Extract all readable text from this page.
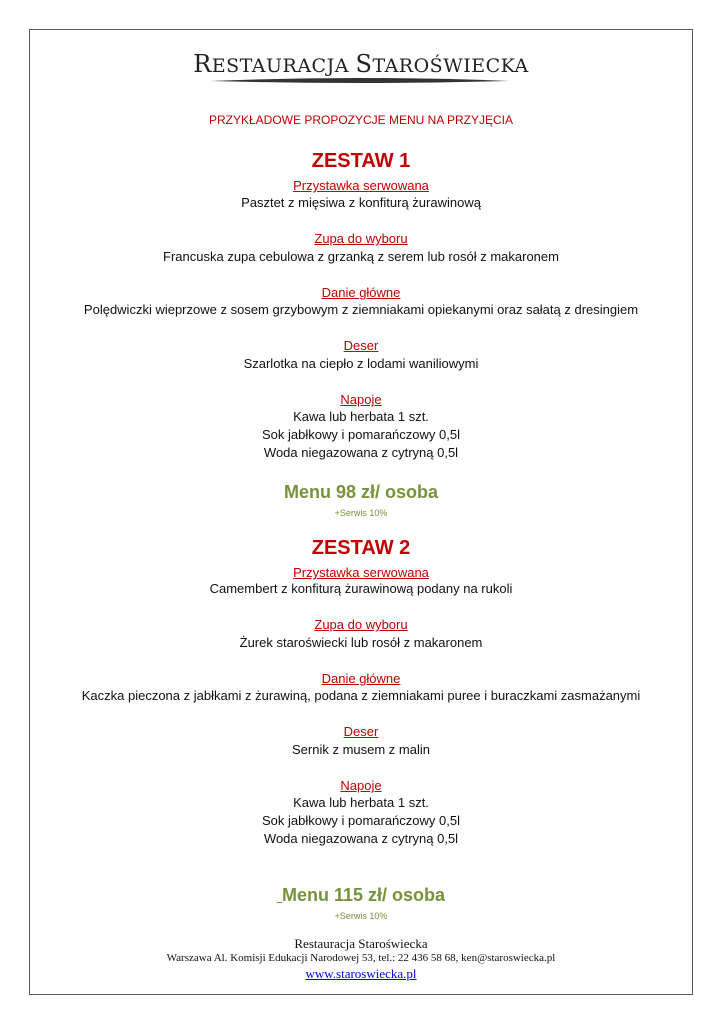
RESTAURACJA STAROŚWIECKA
PRZYKŁADOWE PROPOZYCJE MENU NA PRZYJĘCIA
ZESTAW 1
Przystawka serwowana
Pasztet z mięsiwa z konfiturą żurawinową
Zupa do wyboru
Francuska zupa cebulowa z grzanką z serem lub rosół z makaronem
Danie główne
Polędwiczki wieprzowe z sosem grzybowym z ziemniakami opiekanymi oraz sałatą z dresingiem
Deser
Szarlotka na ciepło z lodami waniliowymi
Napoje
Kawa lub herbata 1 szt.
Sok jabłkowy i pomarańczowy 0,5l
Woda niegazowana z cytryną 0,5l
Menu 98 zł/ osoba
+Serwis 10%
ZESTAW 2
Przystawka serwowana
Camembert z konfiturą żurawinową podany na rukoli
Zupa do wyboru
Żurek staroświecki lub rosół z makaronem
Danie główne
Kaczka pieczona z jabłkami z żurawiną, podana z ziemniakami puree i buraczkami zasmażanymi
Deser
Sernik z musem z malin
Napoje
Kawa lub herbata 1 szt.
Sok jabłkowy i pomarańczowy 0,5l
Woda niegazowana z cytryną 0,5l
Menu 115 zł/ osoba
+Serwis 10%
Restauracja Staroświecka
Warszawa Al. Komisji Edukacji Narodowej 53, tel.: 22 436 58 68, ken@staroswiecka.pl
www.staroswiecka.pl
